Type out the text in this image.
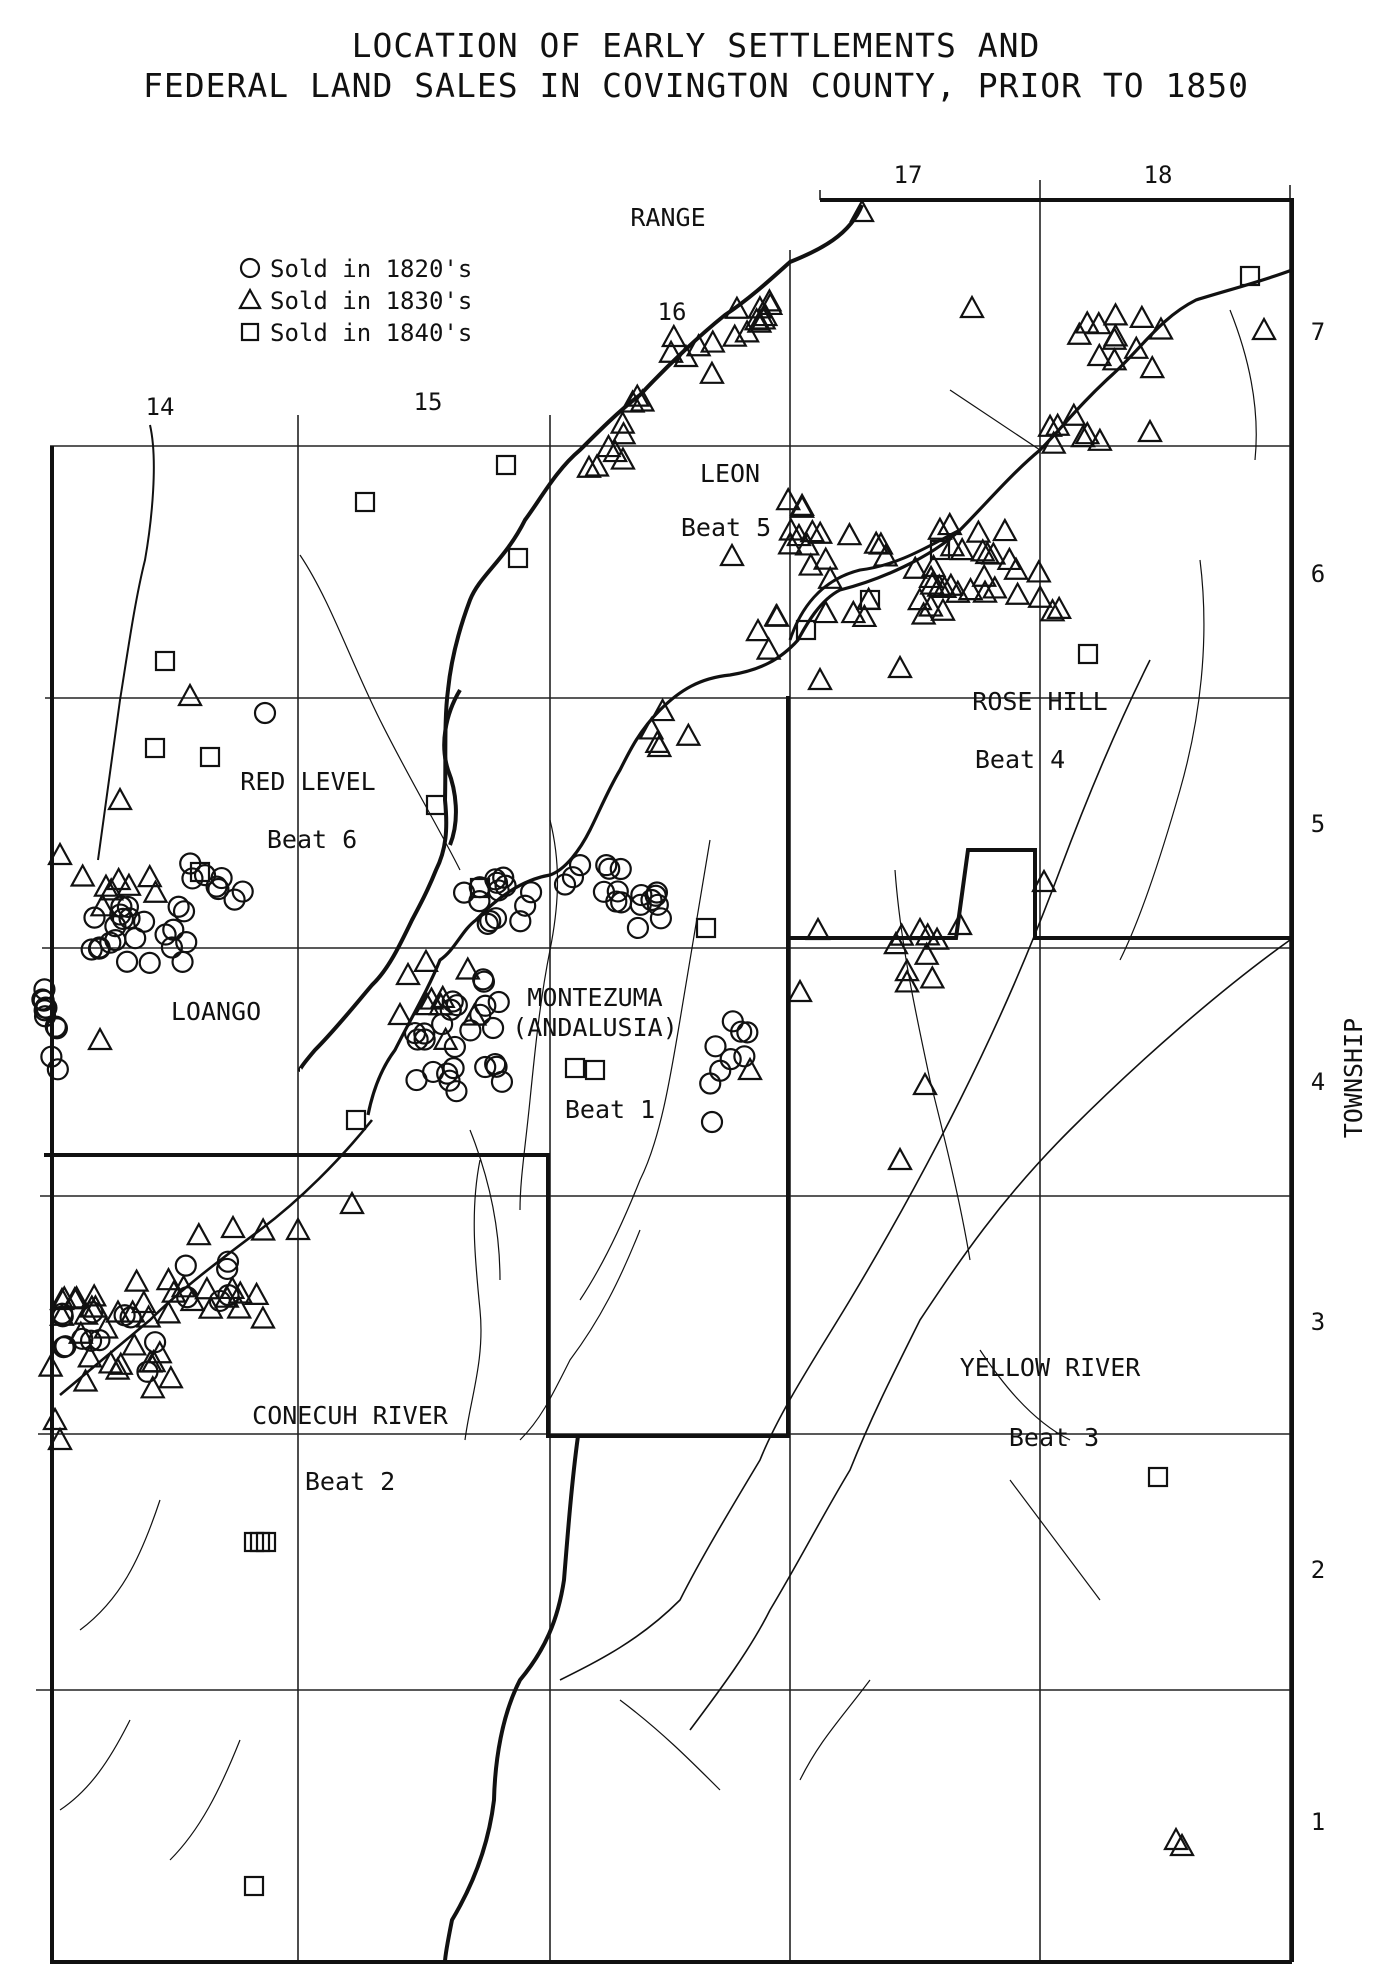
LOCATION OF EARLY SETTLEMENTS AND
FEDERAL LAND SALES IN COVINGTON COUNTY, PRIOR TO 1850
14	15
16
17	18
7
6
5
4
3
2
1
RANGE
TOWNSHIP
Sold in 1820's
Sold in 1830's
Sold in 1840's
LEON
Beat 5
ROSE HILL
Beat 4
RED LEVEL
Beat 6
LOANGO	MONTEZUMA
(ANDALUSIA)
Beat 1
CONECUH RIVER
Beat 2
YELLOW RIVER
Beat 3
